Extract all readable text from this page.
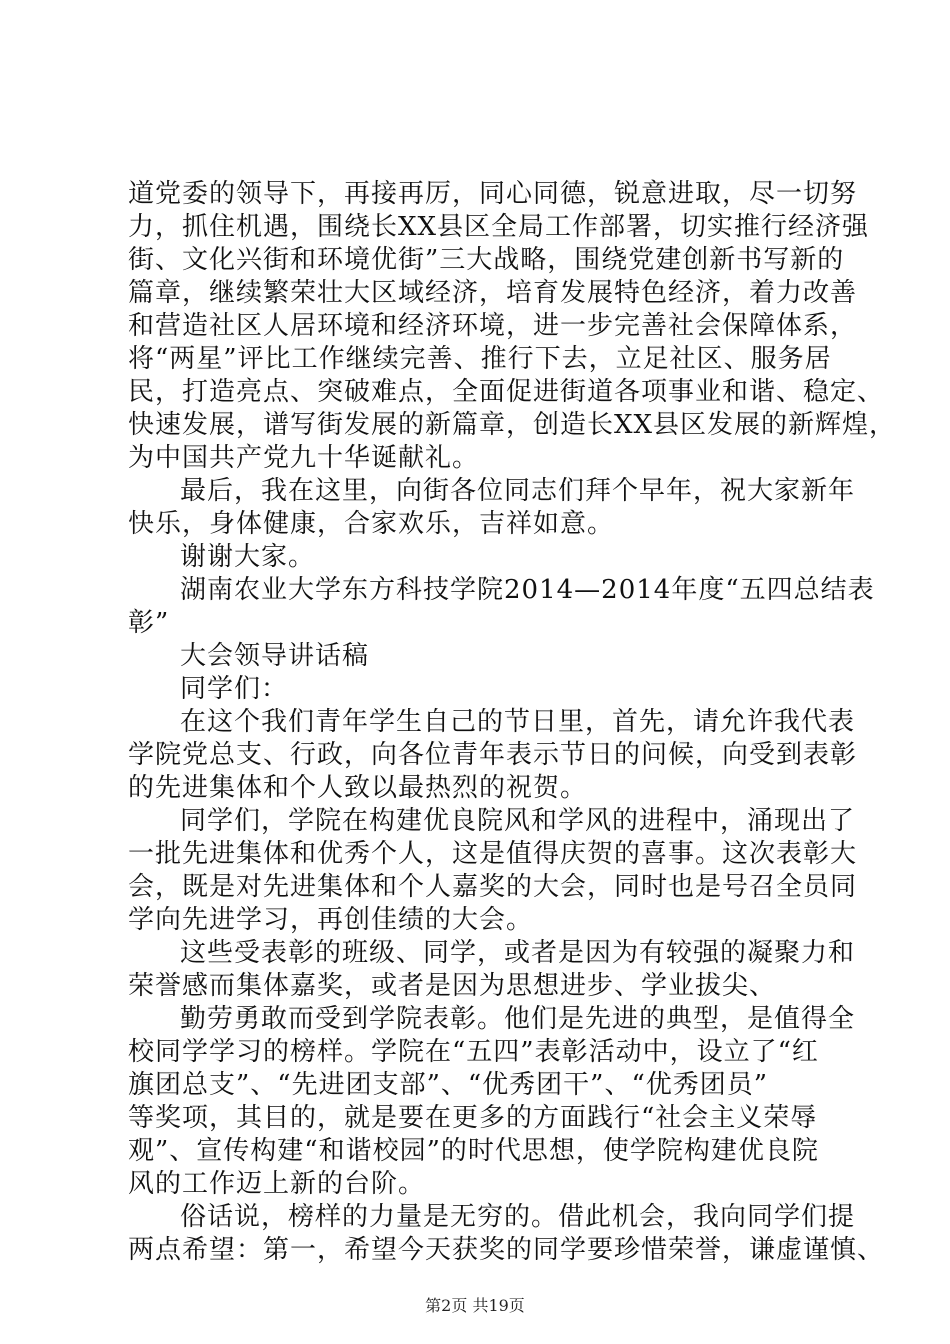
道党委的领导下，再接再厉，同心同德，锐意进取，尽一切努
力，抓住机遇，围绕长XX县区全局工作部署，切实推行经济强
街、文化兴街和环境优街”三大战略，围绕党建创新书写新的
篇章，继续繁荣壮大区域经济，培育发展特色经济，着力改善
和营造社区人居环境和经济环境，进一步完善社会保障体系，
将“两星”评比工作继续完善、推行下去，立足社区、服务居
民，打造亮点、突破难点，全面促进街道各项事业和谐、稳定、
快速发展，谱写街发展的新篇章，创造长XX县区发展的新辉煌，
为中国共产党九十华诞献礼。
最后，我在这里，向街各位同志们拜个早年，祝大家新年
快乐，身体健康，合家欢乐，吉祥如意。
谢谢大家。
湖南农业大学东方科技学院2014—2014年度“五四总结表
彰”
大会领导讲话稿
同学们：
在这个我们青年学生自己的节日里，首先，请允许我代表
学院党总支、行政，向各位青年表示节日的问候，向受到表彰
的先进集体和个人致以最热烈的祝贺。
同学们，学院在构建优良院风和学风的进程中，涌现出了
一批先进集体和优秀个人，这是值得庆贺的喜事。这次表彰大
会，既是对先进集体和个人嘉奖的大会，同时也是号召全员同
学向先进学习，再创佳绩的大会。
这些受表彰的班级、同学，或者是因为有较强的凝聚力和
荣誉感而集体嘉奖，或者是因为思想进步、学业拔尖、
勤劳勇敢而受到学院表彰。他们是先进的典型，是值得全
校同学学习的榜样。学院在“五四”表彰活动中，设立了“红
旗团总支”、“先进团支部”、“优秀团干”、“优秀团员”
等奖项，其目的，就是要在更多的方面践行“社会主义荣辱
观”、宣传构建“和谐校园”的时代思想，使学院构建优良院
风的工作迈上新的台阶。
俗话说，榜样的力量是无穷的。借此机会，我向同学们提
两点希望：第一，希望今天获奖的同学要珍惜荣誉，谦虚谨慎、
第2页 共19页
